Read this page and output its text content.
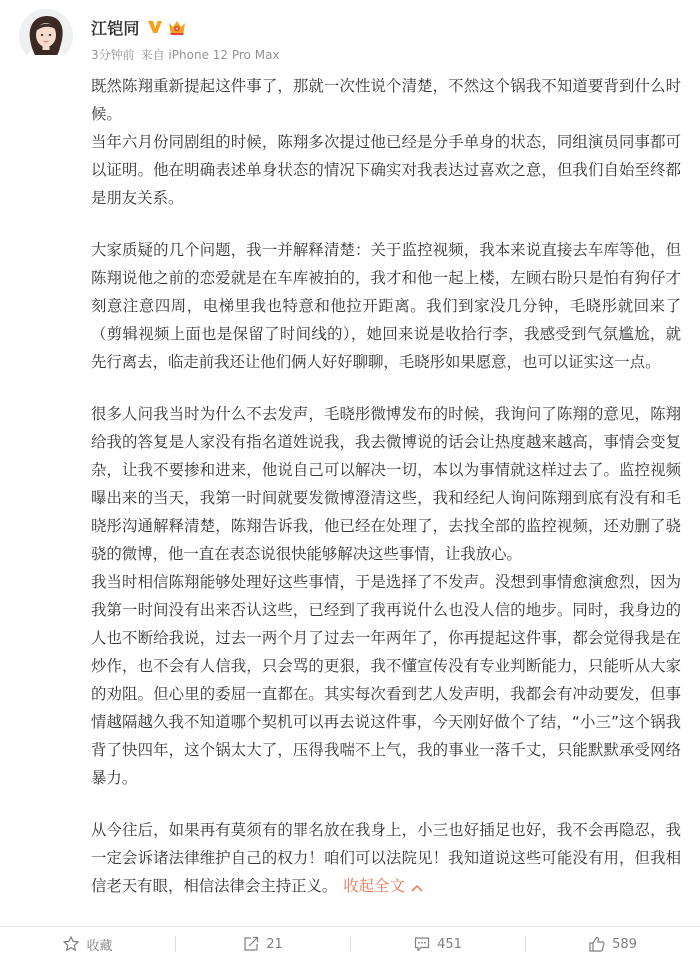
江铠同
3分钟前 来自 iPhone 12 Pro Max

既然陈翔重新提起这件事了，那就一次性说个清楚，不然这个锅我不知道要背到什么时候。

当年六月份同剧组的时候，陈翔多次提过他已经是分手单身的状态，同组演员同事都可以证明。他在明确表述单身状态的情况下确实对我表达过喜欢之意，但我们自始至终都是朋友关系。

大家质疑的几个问题，我一并解释清楚：关于监控视频，我本来说直接去车库等他，但陈翔说他之前的恋爱就是在车库被拍的，我才和他一起上楼，左顾右盼只是怕有狗仔才刻意注意四周，电梯里我也特意和他拉开距离。我们到家没几分钟，毛晓彤就回来了（剪辑视频上面也是保留了时间线的），她回来说是收拾行李，我感受到气氛尴尬，就先行离去，临走前我还让他们俩人好好聊聊，毛晓彤如果愿意，也可以证实这一点。

很多人问我当时为什么不去发声，毛晓彤微博发布的时候，我询问了陈翔的意见，陈翔给我的答复是人家没有指名道姓说我，我去微博说的话会让热度越来越高，事情会变复杂，让我不要掺和进来，他说自己可以解决一切，本以为事情就这样过去了。监控视频曝出来的当天，我第一时间就要发微博澄清这些，我和经纪人询问陈翔到底有没有和毛晓彤沟通解释清楚，陈翔告诉我，他已经在处理了，去找全部的监控视频，还劝删了骁骁的微博，他一直在表态说很快能够解决这些事情，让我放心。

我当时相信陈翔能够处理好这些事情，于是选择了不发声。没想到事情愈演愈烈，因为我第一时间没有出来否认这些，已经到了我再说什么也没人信的地步。同时，我身边的人也不断给我说，过去一两个月了过去一年两年了，你再提起这件事，都会觉得我是在炒作，也不会有人信我，只会骂的更狠，我不懂宣传没有专业判断能力，只能听从大家的劝阻。但心里的委屈一直都在。其实每次看到艺人发声明，我都会有冲动要发，但事情越隔越久我不知道哪个契机可以再去说这件事，今天刚好做个了结，“小三”这个锅我背了快四年，这个锅太大了，压得我喘不上气，我的事业一落千丈，只能默默承受网络暴力。

从今往后，如果再有莫须有的罪名放在我身上，小三也好插足也好，我不会再隐忍，我一定会诉诸法律维护自己的权力！咱们可以法院见！我知道说这些可能没有用，但我相信老天有眼，相信法律会主持正义。 收起全文

收藏	21	451	589
